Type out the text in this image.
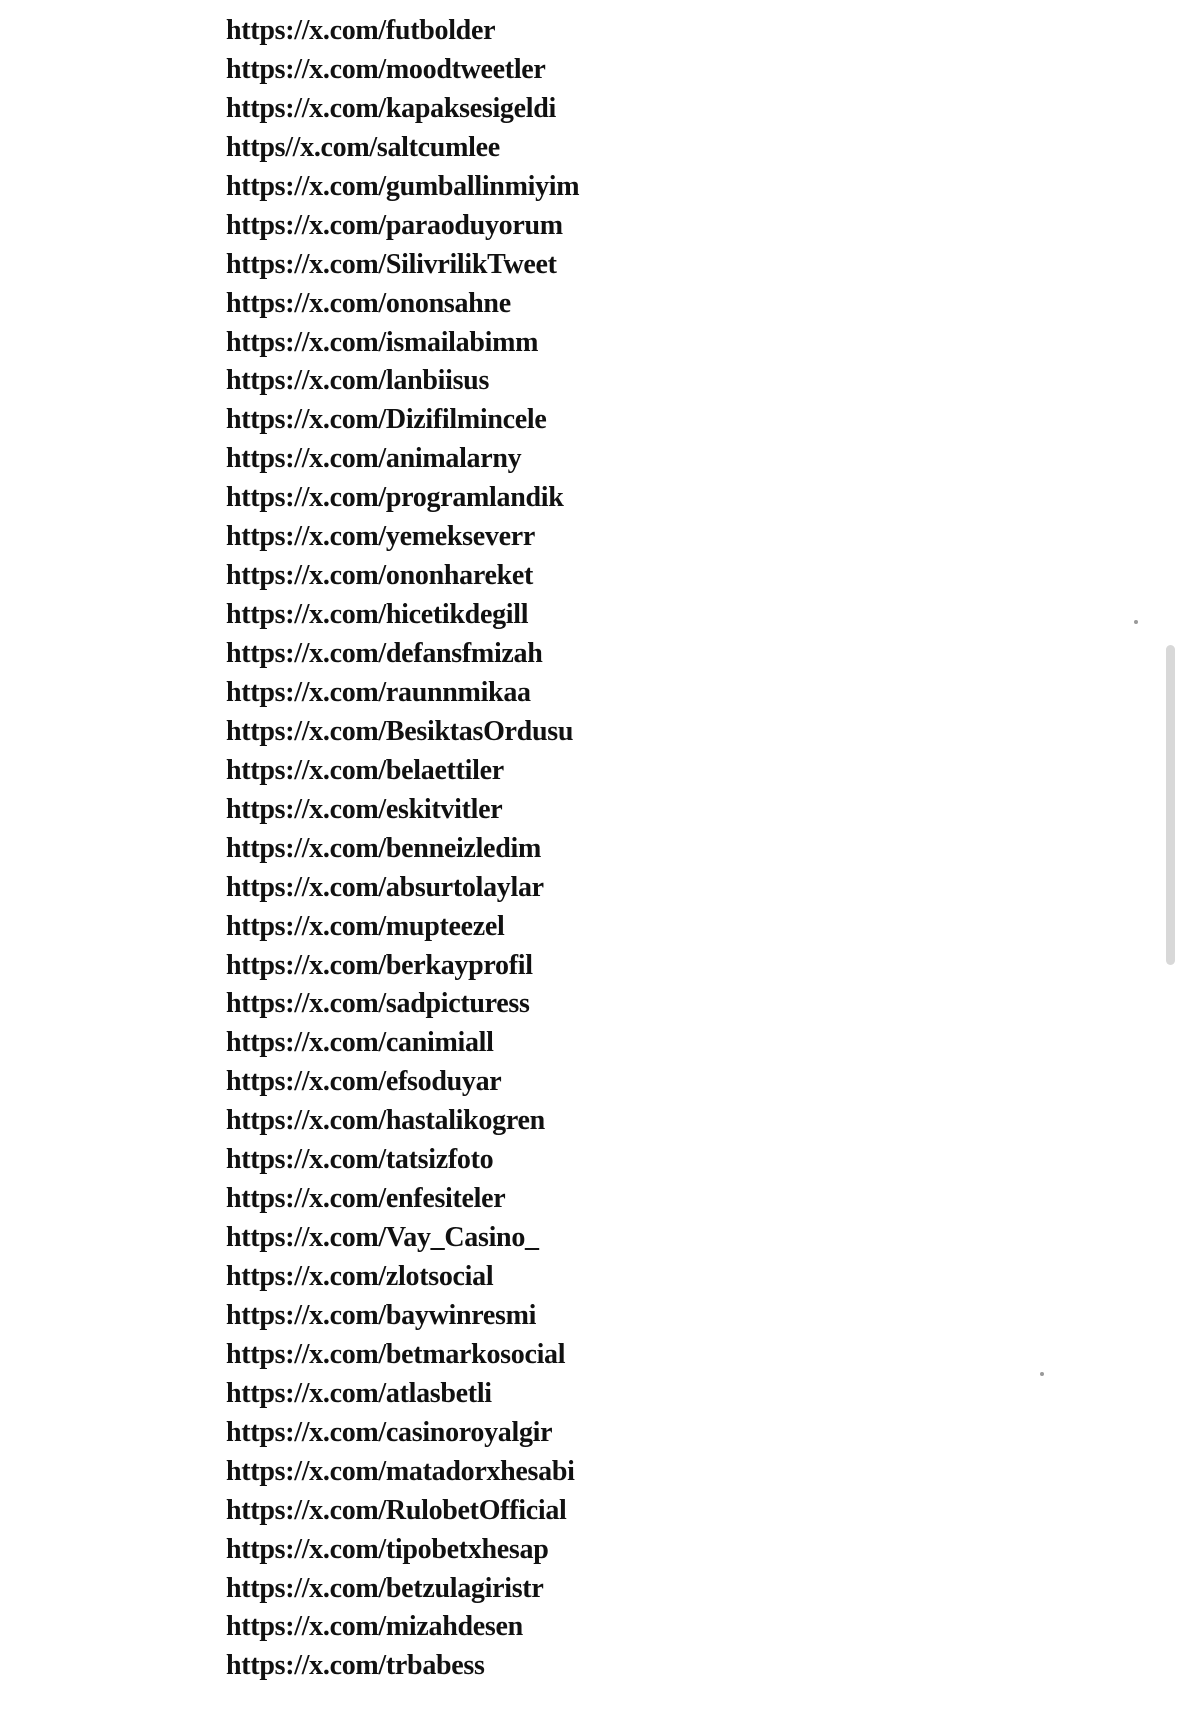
https://x.com/futbolder
https://x.com/moodtweetler
https://x.com/kapaksesigeldi
https//x.com/saltcumlee
https://x.com/gumballinmiyim
https://x.com/paraoduyorum
https://x.com/SilivrilikTweet
https://x.com/ononsahne
https://x.com/ismailabimm
https://x.com/lanbiisus
https://x.com/Dizifilmincele
https://x.com/animalarny
https://x.com/programlandik
https://x.com/yemekseverr
https://x.com/ononhareket
https://x.com/hicetikdegill
https://x.com/defansfmizah
https://x.com/raunnmikaa
https://x.com/BesiktasOrdusu
https://x.com/belaettiler
https://x.com/eskitvitler
https://x.com/benneizledim
https://x.com/absurtolaylar
https://x.com/mupteezel
https://x.com/berkayprofil
https://x.com/sadpicturess
https://x.com/canimiall
https://x.com/efsoduyar
https://x.com/hastalikogren
https://x.com/tatsizfoto
https://x.com/enfesiteler
https://x.com/Vay_Casino_
https://x.com/zlotsocial
https://x.com/baywinresmi
https://x.com/betmarkosocial
https://x.com/atlasbetli
https://x.com/casinoroyalgir
https://x.com/matadorxhesabi
https://x.com/RulobetOfficial
https://x.com/tipobetxhesap
https://x.com/betzulagiristr
https://x.com/mizahdesen
https://x.com/trbabess
